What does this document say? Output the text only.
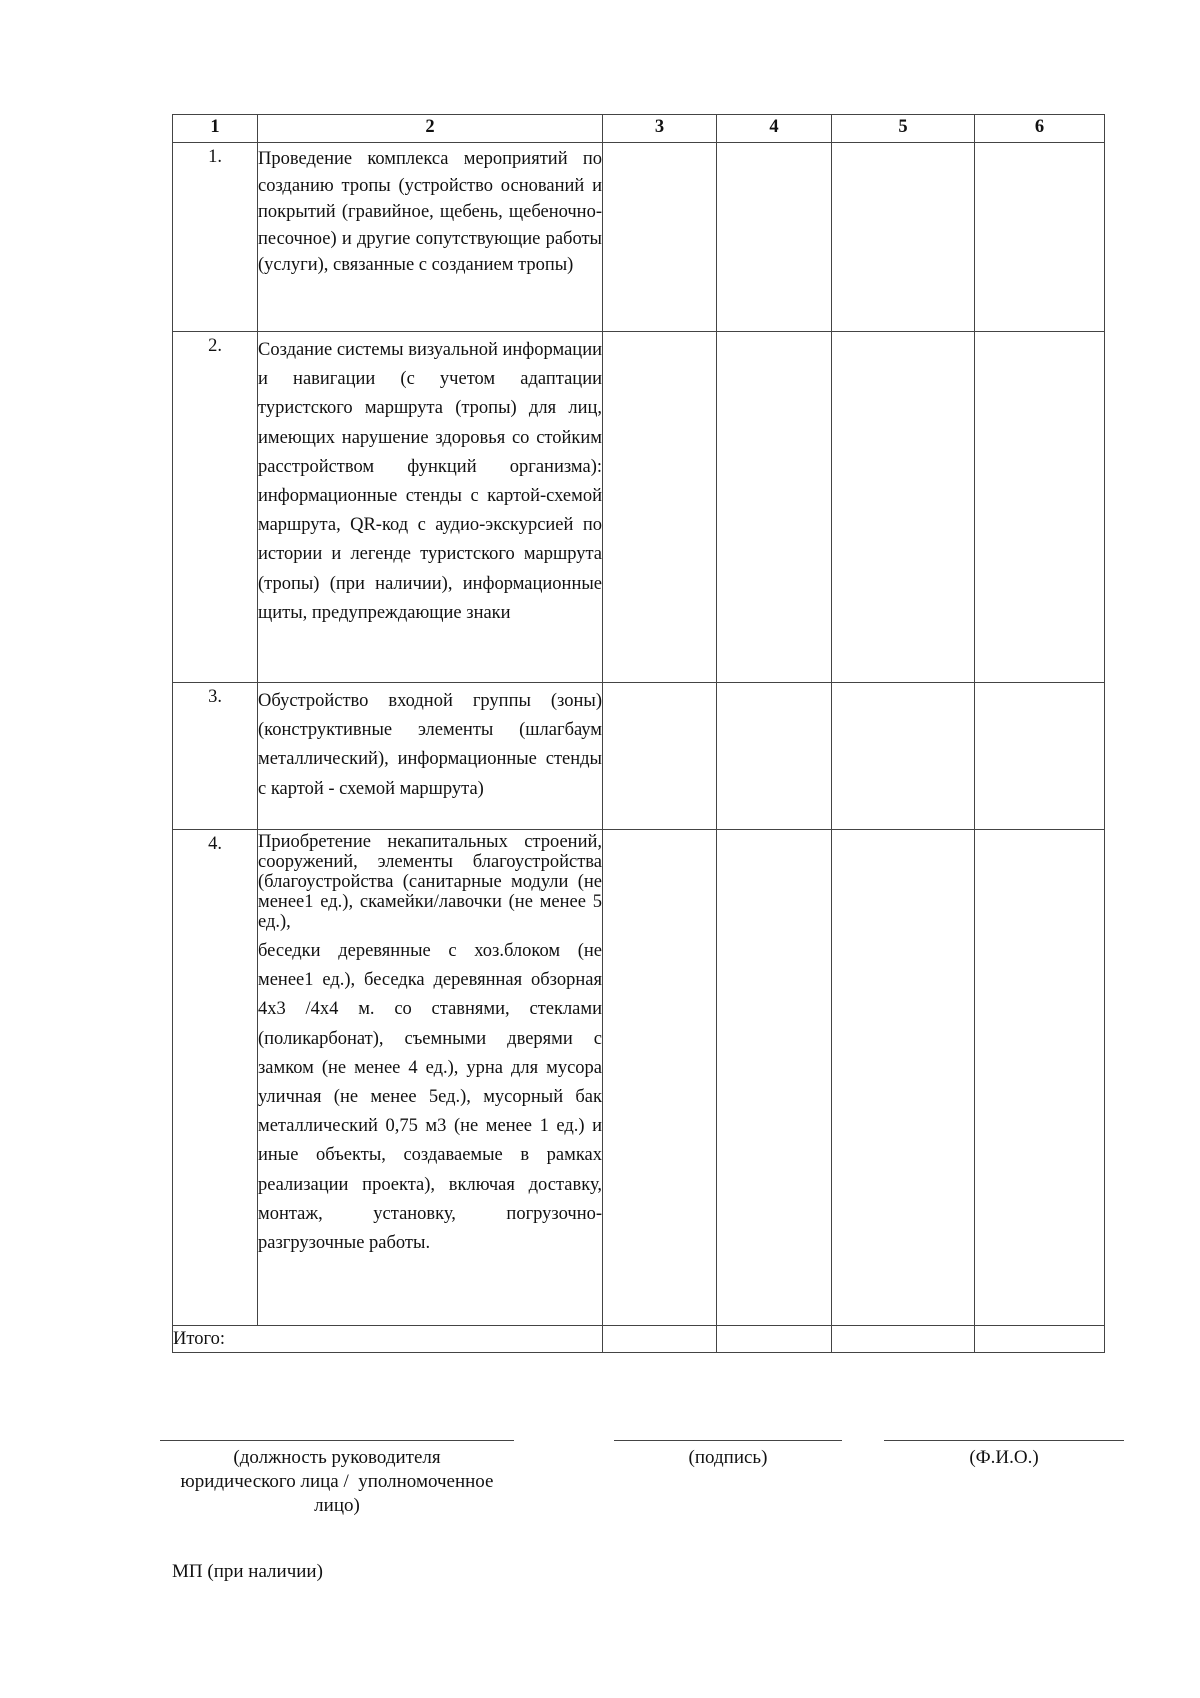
1	2	3	4	5	6
1.	Проведение комплекса мероприятий по созданию тропы (устройство оснований и покрытий (гравийное, щебень, щебеночно-песочное) и другие сопутствующие работы (услуги), связанные с созданием тропы)				
2.	Создание системы визуальной информации и навигации (с учетом адаптации туристского маршрута (тропы) для лиц, имеющих нарушение здоровья со стойким расстройством функций организма): информационные стенды с картой-схемой маршрута, QR-код с аудио-экскурсией по истории и легенде туристского маршрута (тропы) (при наличии), информационные щиты, предупреждающие знаки				
3.	Обустройство входной группы (зоны) (конструктивные элементы (шлагбаум металлический), информационные стенды с картой - схемой маршрута)				
4.	Приобретение некапитальных строений, сооружений, элементы благоустройства (благоустройства (санитарные модули (не менее1 ед.), скамейки/лавочки (не менее 5 ед.),
беседки деревянные с хоз.блоком (не менее1 ед.), беседка деревянная обзорная 4х3 /4х4 м. со ставнями, стеклами (поликарбонат), съемными дверями с замком (не менее 4 ед.), урна для мусора уличная (не менее 5ед.), мусорный бак металлический 0,75 м3 (не менее 1 ед.) и иные объекты, создаваемые в рамках реализации проекта), включая доставку, монтаж, установку, погрузочно-разгрузочные работы.				

Итого:					
(должность руководителя
юридического лица /  уполномоченное
лицо)
(подпись)	(Ф.И.О.)
МП (при наличии)
